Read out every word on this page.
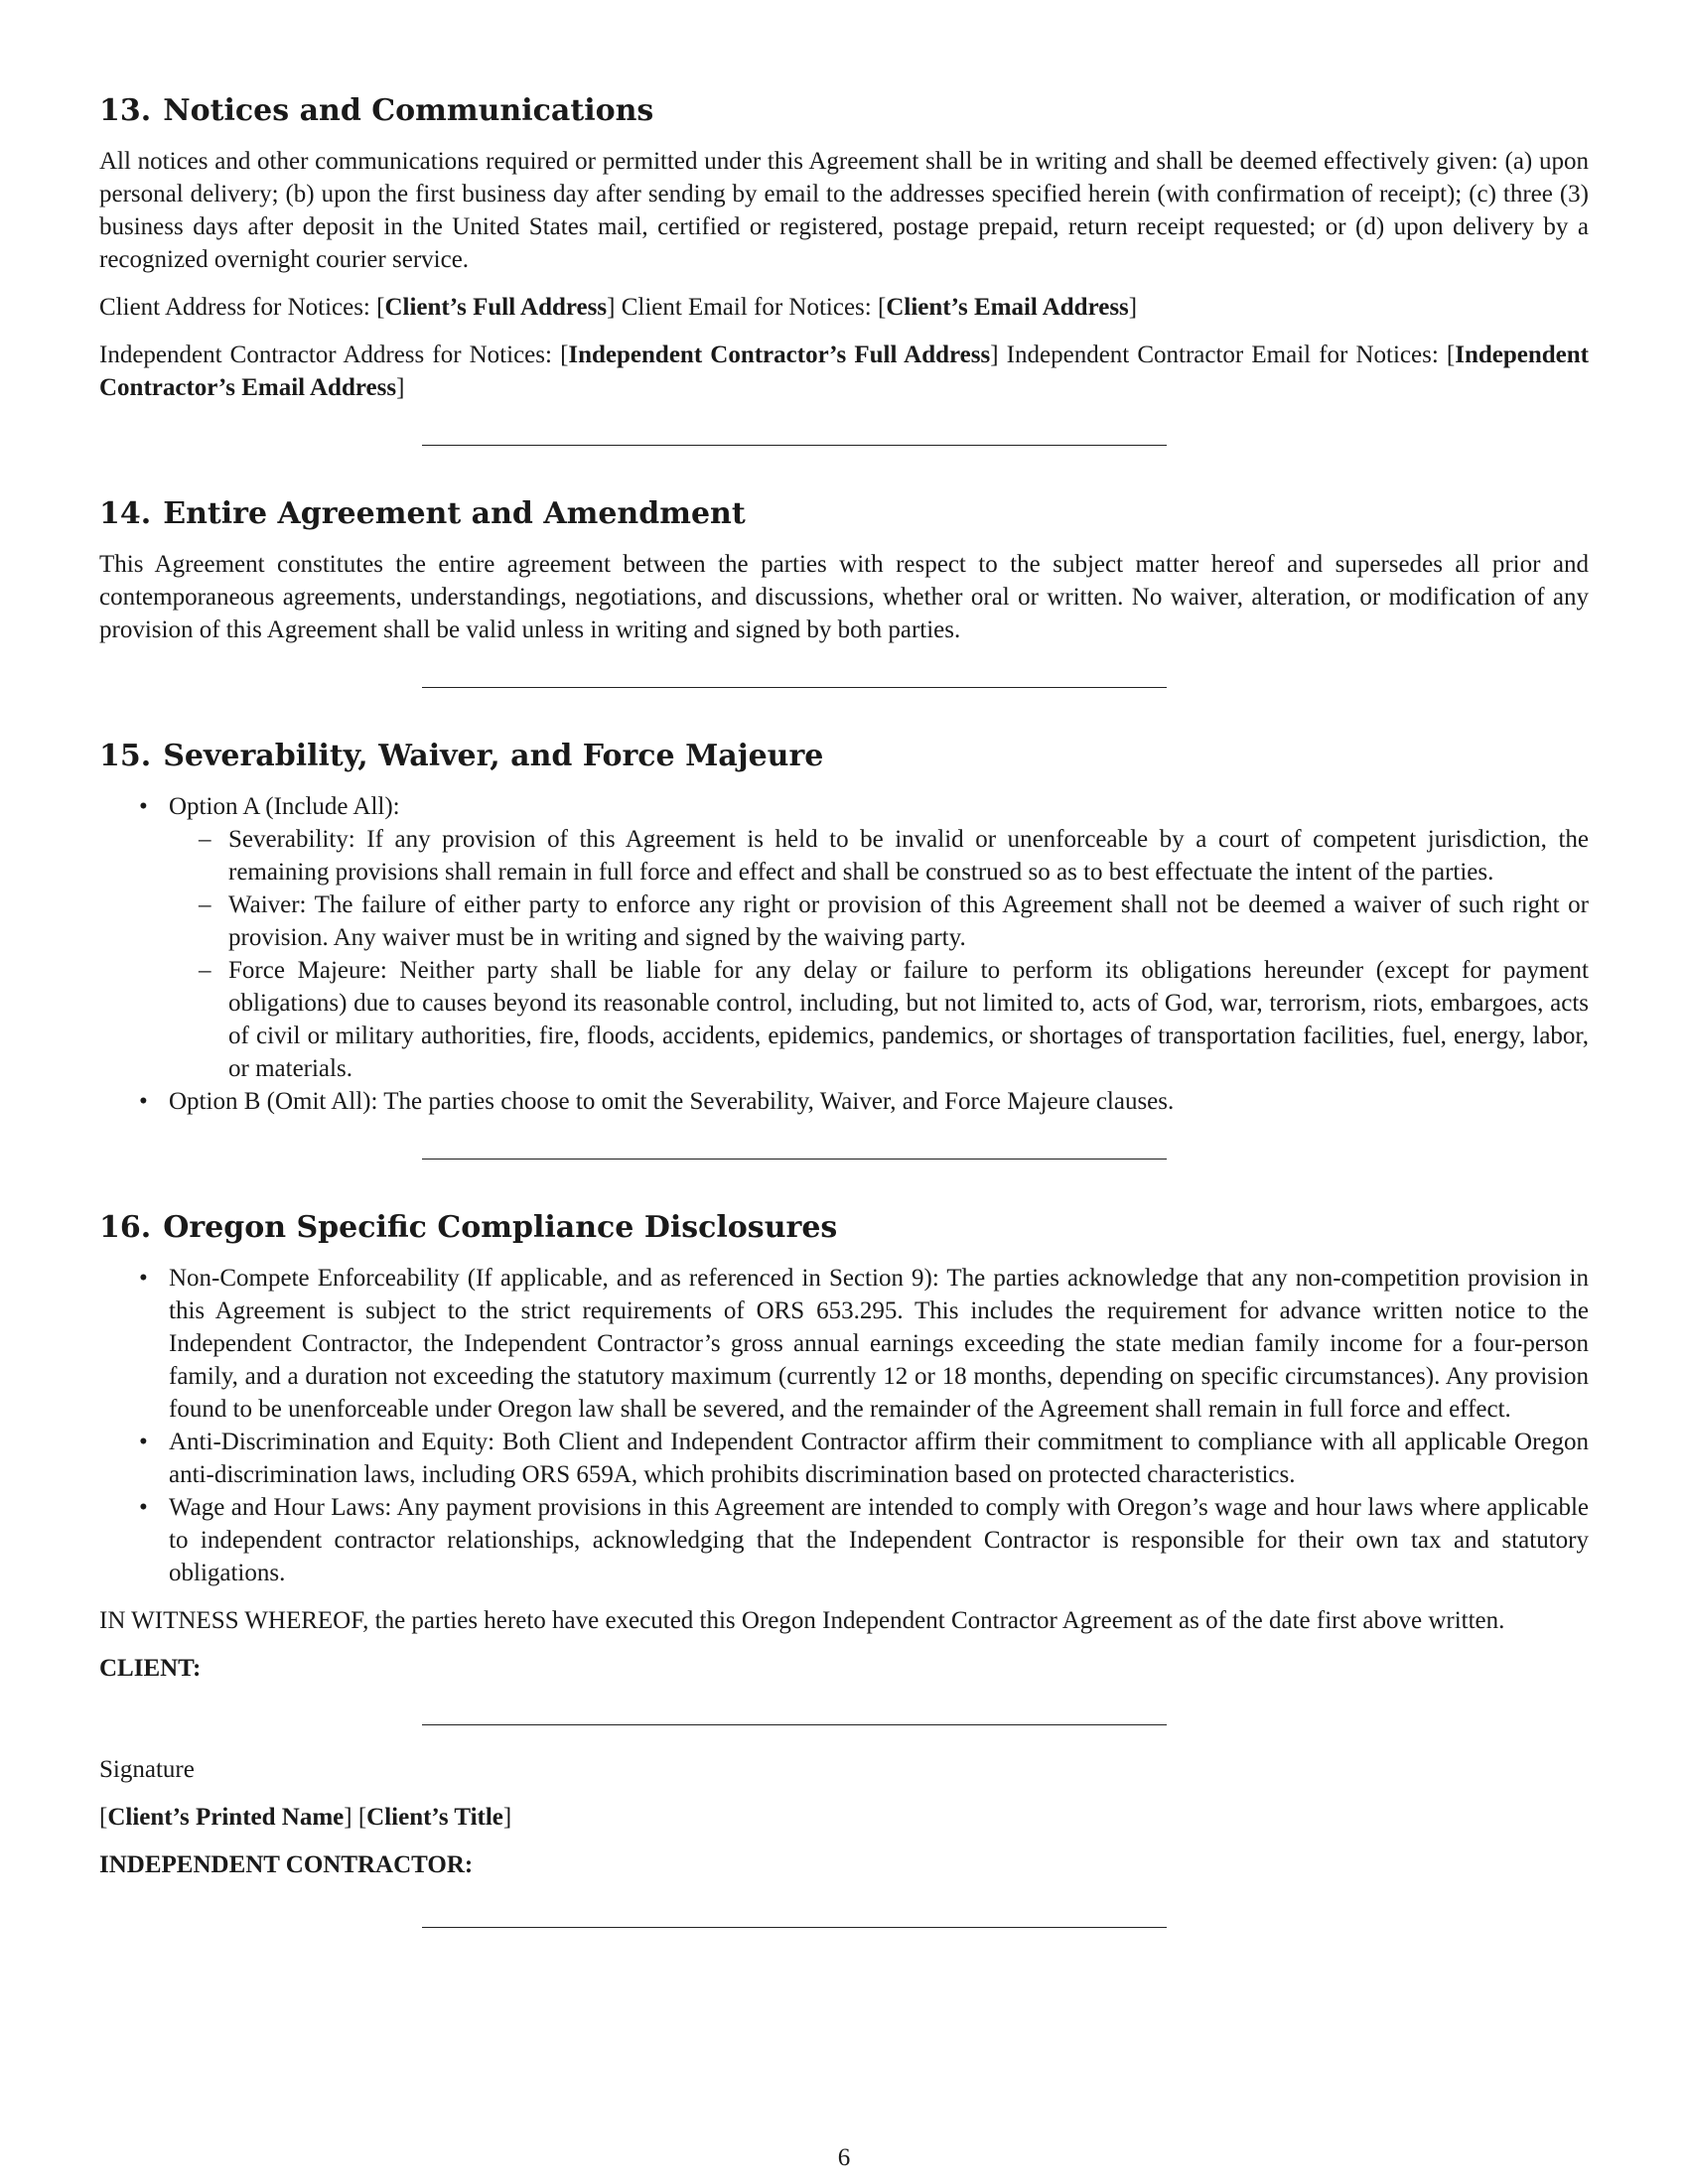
13. Notices and Communications

All notices and other communications required or permitted under this Agreement shall be in writing and shall be deemed effectively given: (a) upon personal delivery; (b) upon the first business day after sending by email to the addresses specified herein (with confirmation of receipt); (c) three (3) business days after deposit in the United States mail, certified or registered, postage prepaid, return receipt requested; or (d) upon delivery by a recognized overnight courier service.

Client Address for Notices: [Client’s Full Address] Client Email for Notices: [Client’s Email Address]

Independent Contractor Address for Notices: [Independent Contractor’s Full Address] Independent Contractor Email for Notices: [Independent Contractor’s Email Address]

14. Entire Agreement and Amendment

This Agreement constitutes the entire agreement between the parties with respect to the subject matter hereof and supersedes all prior and contemporaneous agreements, understandings, negotiations, and discussions, whether oral or written. No waiver, alteration, or modification of any provision of this Agreement shall be valid unless in writing and signed by both parties.

15. Severability, Waiver, and Force Majeure
• Option A (Include All):
– Severability: If any provision of this Agreement is held to be invalid or unenforceable by a court of competent jurisdiction, the remaining provisions shall remain in full force and effect and shall be construed so as to best effectuate the intent of the parties.
– Waiver: The failure of either party to enforce any right or provision of this Agreement shall not be deemed a waiver of such right or provision. Any waiver must be in writing and signed by the waiving party.
– Force Majeure: Neither party shall be liable for any delay or failure to perform its obligations hereunder (except for payment obligations) due to causes beyond its reasonable control, including, but not limited to, acts of God, war, terrorism, riots, embargoes, acts of civil or military authorities, fire, floods, accidents, epidemics, pandemics, or shortages of transportation facilities, fuel, energy, labor, or materials.
• Option B (Omit All): The parties choose to omit the Severability, Waiver, and Force Majeure clauses.
16. Oregon Specific Compliance Disclosures
• Non-Compete Enforceability (If applicable, and as referenced in Section 9): The parties acknowledge that any non-competition provision in this Agreement is subject to the strict requirements of ORS 653.295. This includes the requirement for advance written notice to the Independent Contractor, the Independent Contractor’s gross annual earnings exceeding the state median family income for a four-person family, and a duration not exceeding the statutory maximum (currently 12 or 18 months, depending on specific circumstances). Any provision found to be unenforceable under Oregon law shall be severed, and the remainder of the Agreement shall remain in full force and effect.
• Anti-Discrimination and Equity: Both Client and Independent Contractor affirm their commitment to compliance with all applicable Oregon anti-discrimination laws, including ORS 659A, which prohibits discrimination based on protected characteristics.
• Wage and Hour Laws: Any payment provisions in this Agreement are intended to comply with Oregon’s wage and hour laws where applicable to independent contractor relationships, acknowledging that the Independent Contractor is responsible for their own tax and statutory obligations.

IN WITNESS WHEREOF, the parties hereto have executed this Oregon Independent Contractor Agreement as of the date first above written.

CLIENT:

Signature

[Client’s Printed Name] [Client’s Title]

INDEPENDENT CONTRACTOR:

6
